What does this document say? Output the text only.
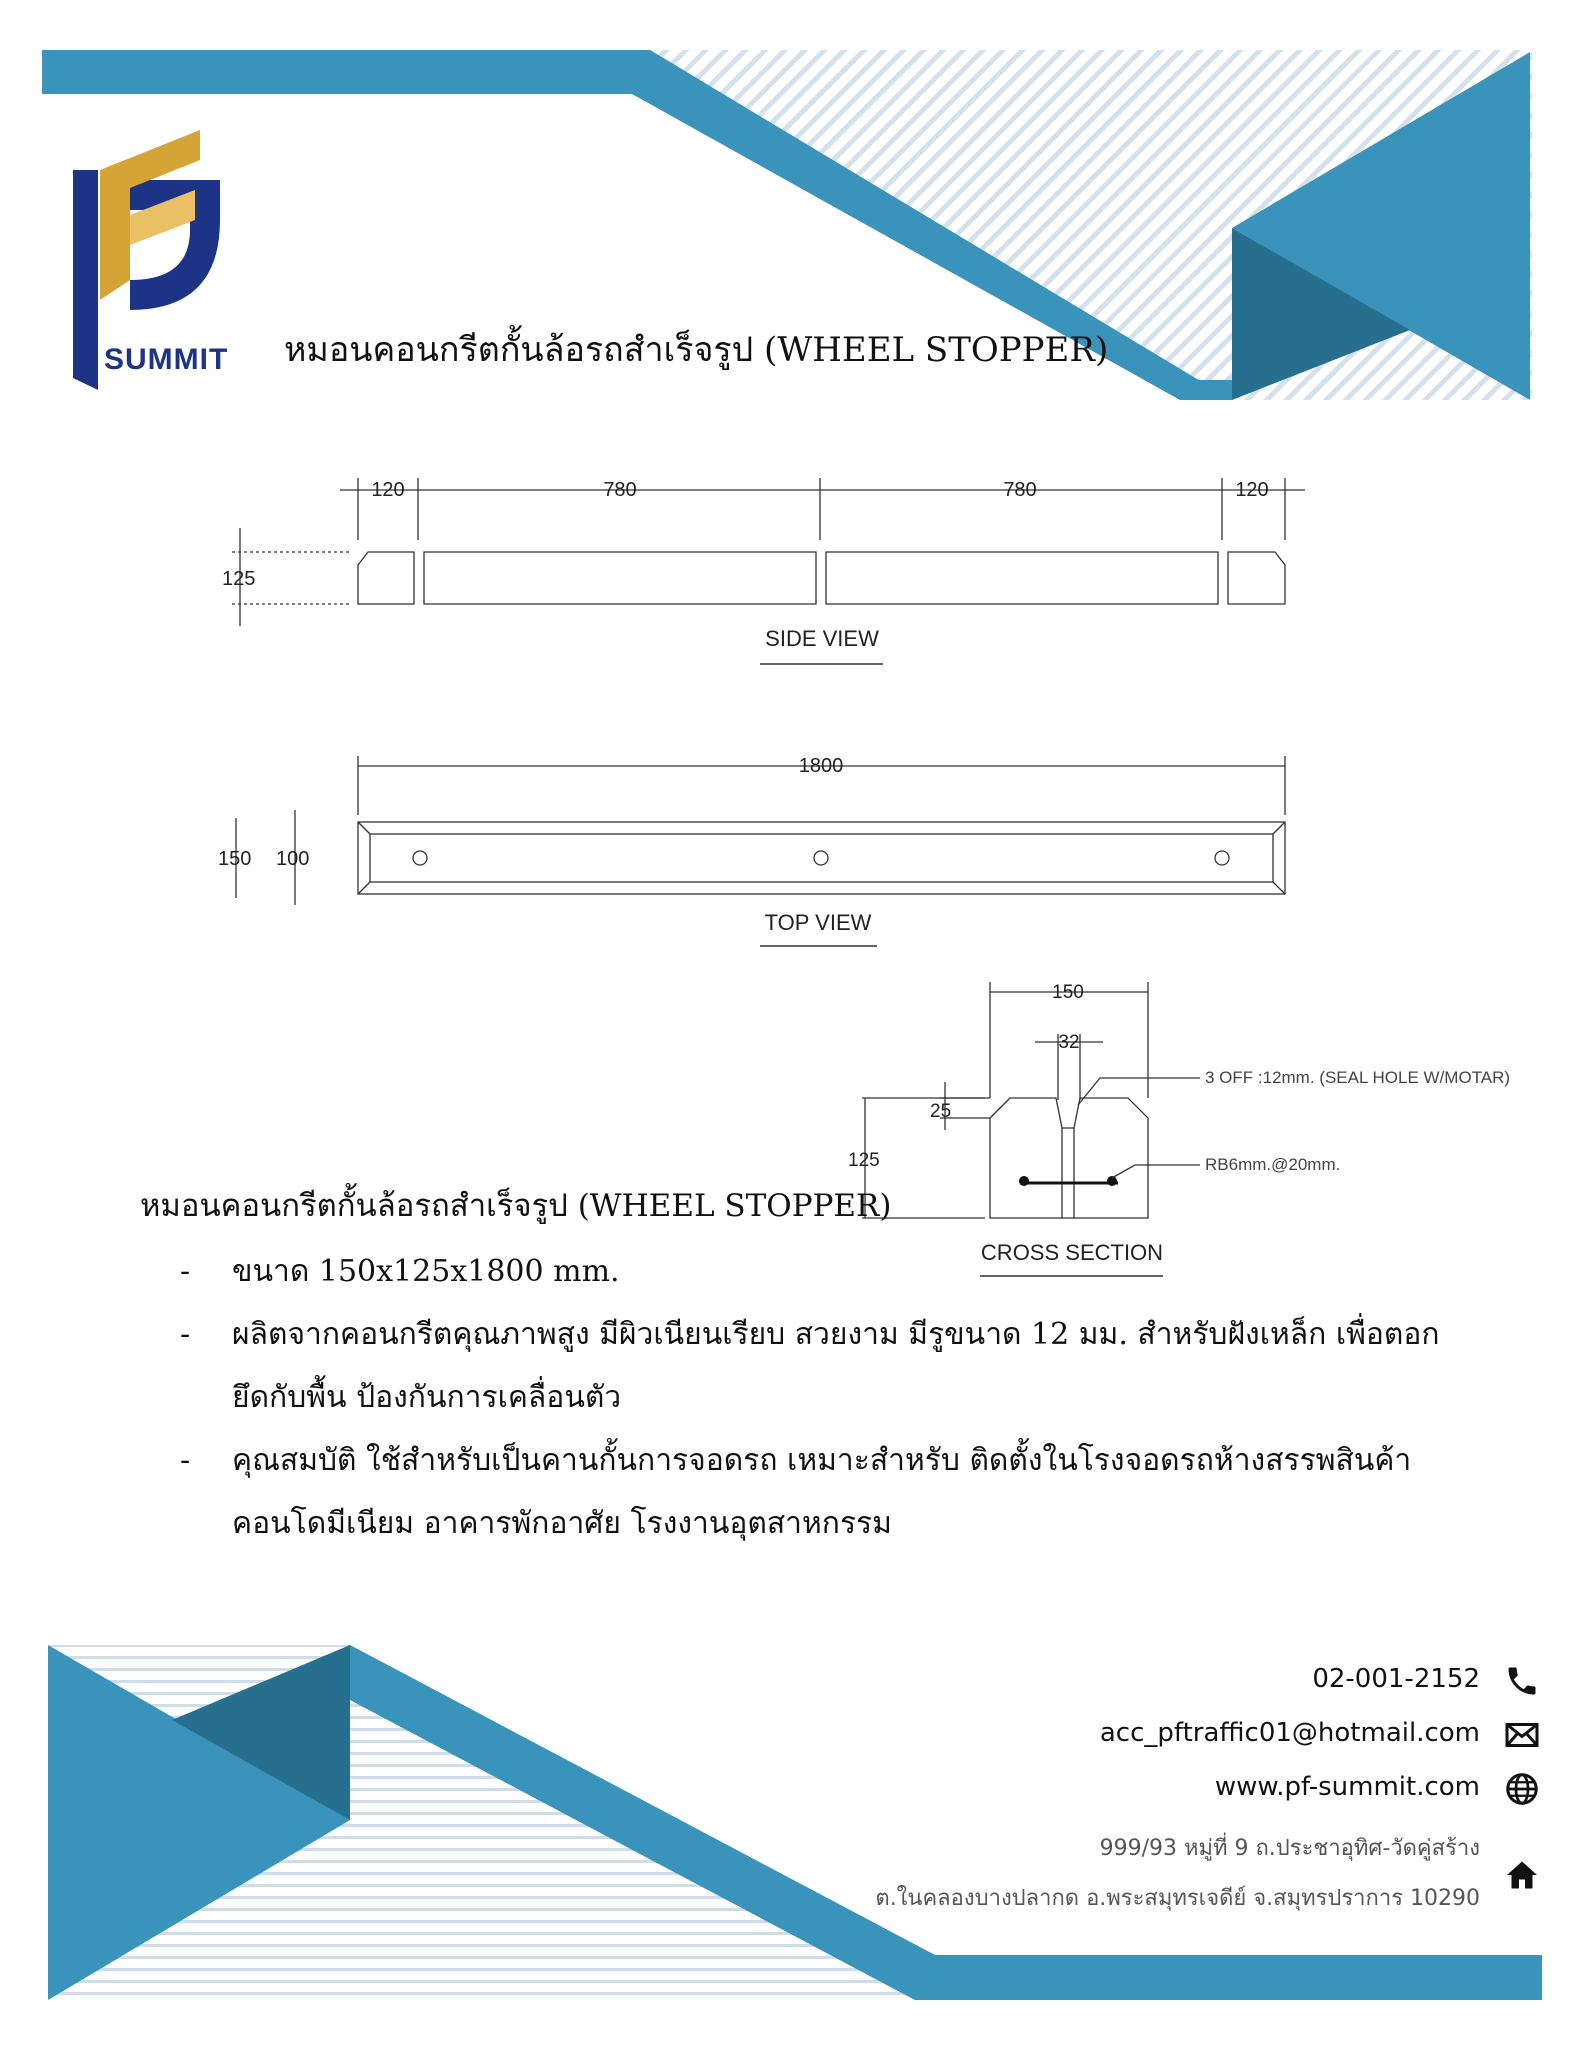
SUMMIT หมอนคอนกรีตกั้นล้อรถสำเร็จรูป (WHEEL STOPPER)
120	780	780	120
125
SIDE VIEW
1800
150 100
TOP VIEW
150
32
25
125
3 OFF :12mm. (SEAL HOLE W/MOTAR)
RB6mm.@20mm.
CROSS SECTION
หมอนคอนกรีตกั้นล้อรถสำเร็จรูป (WHEEL STOPPER)
- ขนาด 150x125x1800 mm.
- ผลิตจากคอนกรีตคุณภาพสูง มีผิวเนียนเรียบ สวยงาม มีรูขนาด 12 มม. สำหรับฝังเหล็ก เพื่อตอกยึดกับพื้น ป้องกันการเคลื่อนตัว
- คุณสมบัติ ใช้สำหรับเป็นคานกั้นการจอดรถ เหมาะสำหรับ ติดตั้งในโรงจอดรถห้างสรรพสินค้า คอนโดมีเนียม อาคารพักอาศัย โรงงานอุตสาหกรรม
02-001-2152
acc_pftraffic01@hotmail.com
www.pf-summit.com
999/93 หมู่ที่ 9 ถ.ประชาอุทิศ-วัดคู่สร้าง
ต.ในคลองบางปลากด อ.พระสมุทรเจดีย์ จ.สมุทรปราการ 10290
